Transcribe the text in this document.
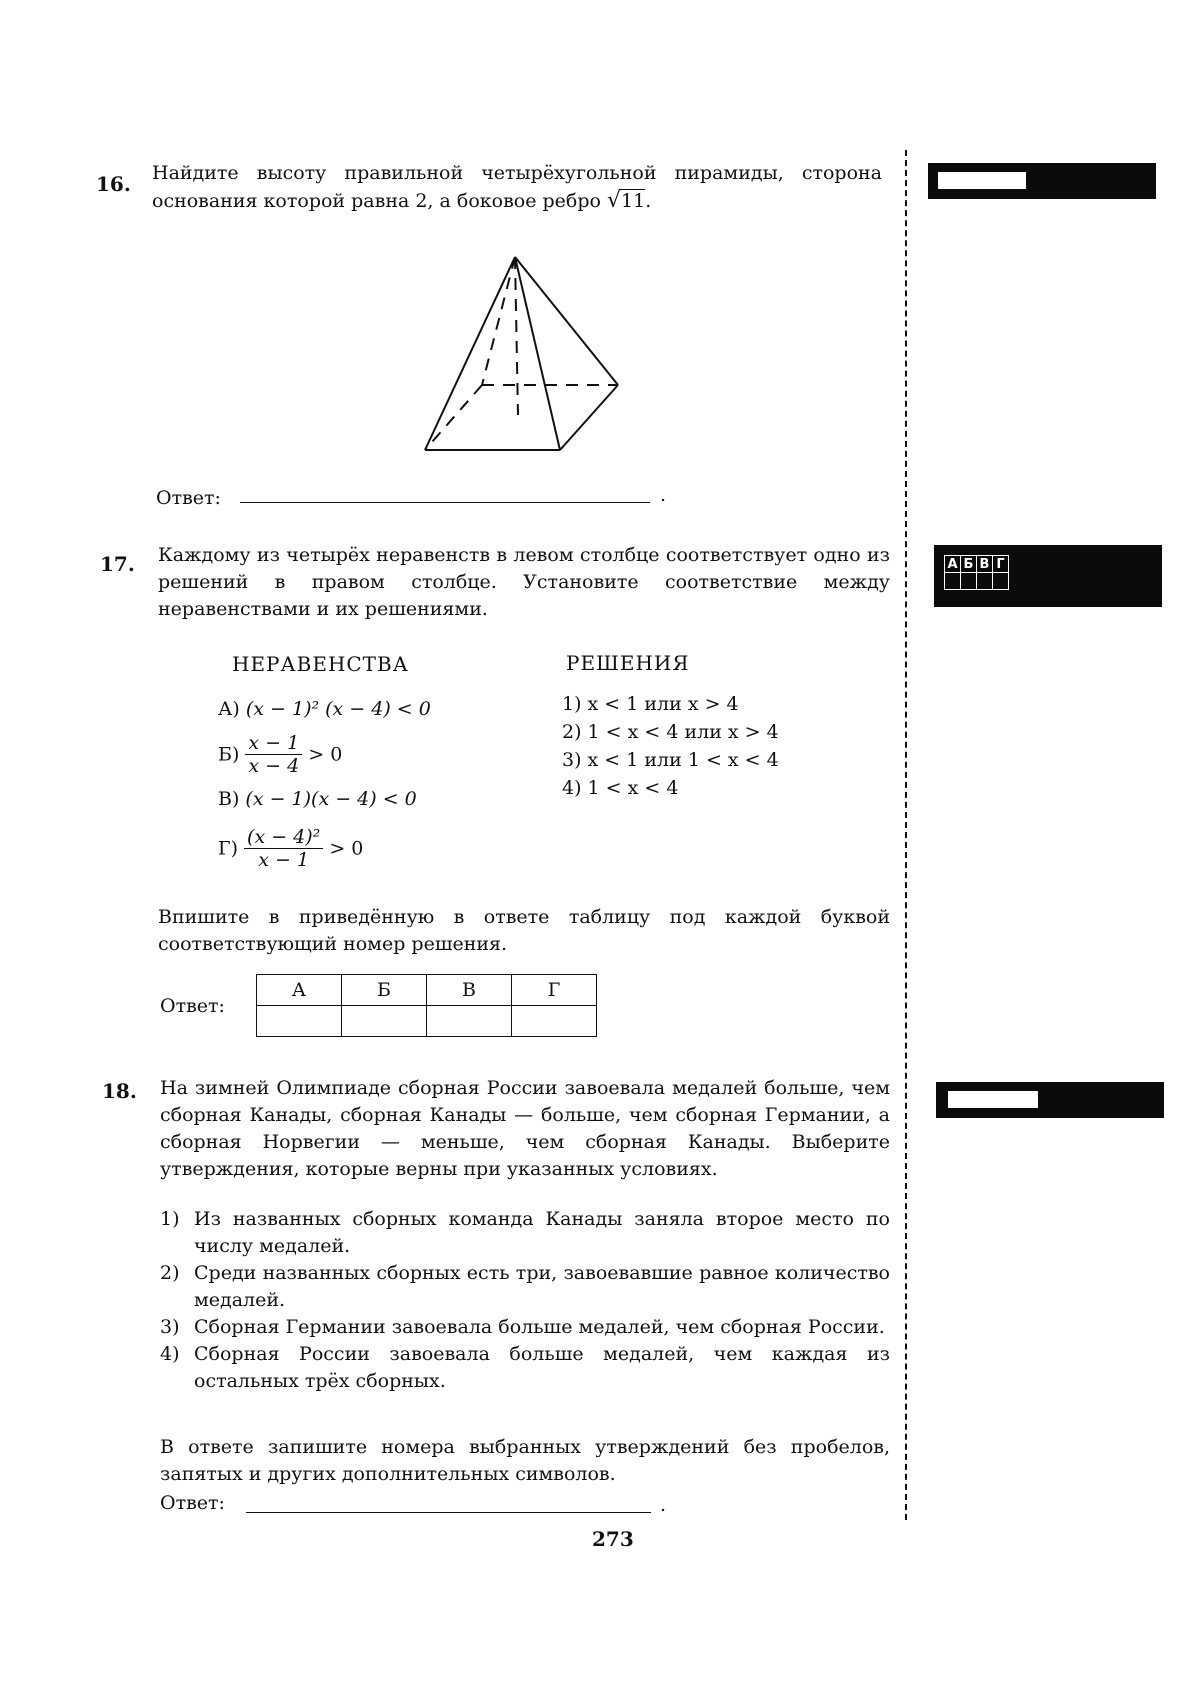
16. Найдите высоту правильной четырёхугольной пирамиды, сторона основания которой равна 2, а боковое ребро √11.
Ответ:	.
17. Каждому из четырёх неравенств в левом столбце соответствует одно из решений в правом столбце. Установите соответствие между неравенствами и их решениями.
НЕРАВЕНСТВА	РЕШЕНИЯ
А) (x − 1)² (x − 4) < 0
$Б) \frac{x - 1}{x - 4} > 0$
В) (x − 1)(x − 4) < 0
$Г) \frac{\text{(x − 4)²}}{x - 1} > 0$
1) x < 1 или x > 4
2) 1 < x < 4 или x > 4
3) x < 1 или 1 < x < 4
4) 1 < x < 4
Впишите в приведённую в ответе таблицу под каждой буквой соответствующий номер решения.
Ответ:
А	Б	В	Г

А	Б	В	Г

18. На зимней Олимпиаде сборная России завоевала медалей больше, чем сборная Канады, сборная Канады — больше, чем сборная Германии, а сборная Норвегии — меньше, чем сборная Канады. Выберите утверждения, которые верны при указанных условиях.
1) Из названных сборных команда Канады заняла второе место по числу медалей.
2) Среди названных сборных есть три, завоевавшие равное количество медалей.
3) Сборная Германии завоевала больше медалей, чем сборная России.
4) Сборная России завоевала больше медалей, чем каждая из остальных трёх сборных.
В ответе запишите номера выбранных утверждений без пробелов, запятых и других дополнительных символов.
Ответ:	.
273
